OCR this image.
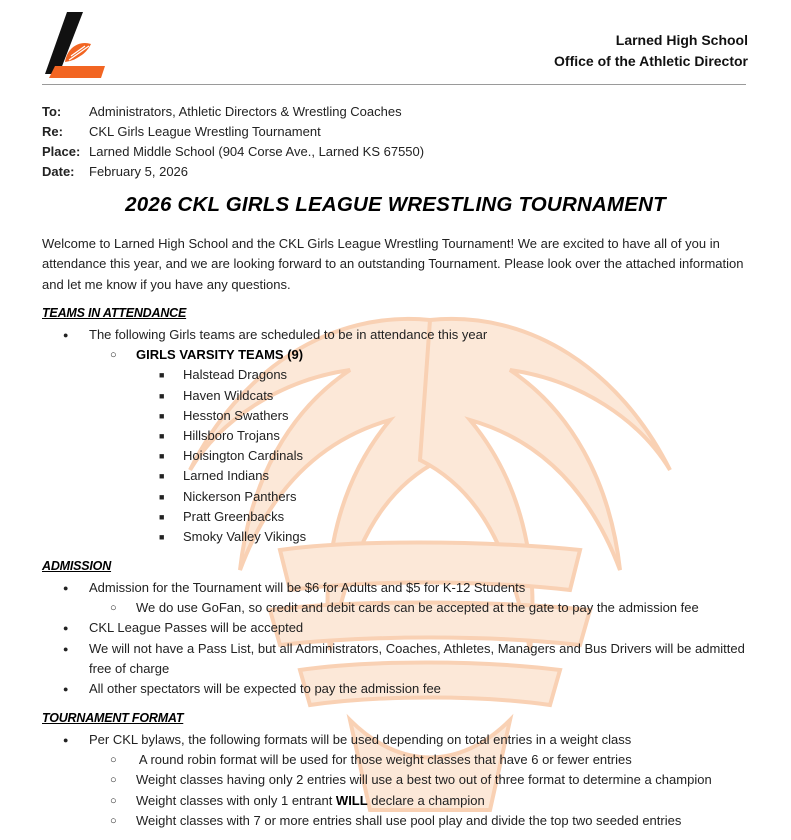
Larned High School
Office of the Athletic Director
To:	Administrators, Athletic Directors & Wrestling Coaches
Re:	CKL Girls League Wrestling Tournament
Place: Larned Middle School (904 Corse Ave., Larned KS 67550)
Date:	February 5, 2026
2026 CKL GIRLS LEAGUE WRESTLING TOURNAMENT
Welcome to Larned High School and the CKL Girls League Wrestling Tournament! We are excited to have all of you in attendance this year, and we are looking forward to an outstanding Tournament. Please look over the attached information and let me know if you have any questions.
TEAMS IN ATTENDANCE
● The following Girls teams are scheduled to be in attendance this year
○ GIRLS VARSITY TEAMS (9)
■ Halstead Dragons
■ Haven Wildcats
■ Hesston Swathers
■ Hillsboro Trojans
■ Hoisington Cardinals
■ Larned Indians
■ Nickerson Panthers
■ Pratt Greenbacks
■ Smoky Valley Vikings
ADMISSION
● Admission for the Tournament will be $6 for Adults and $5 for K-12 Students
○ We do use GoFan, so credit and debit cards can be accepted at the gate to pay the admission fee
● CKL League Passes will be accepted
● We will not have a Pass List, but all Administrators, Coaches, Athletes, Managers and Bus Drivers will be admitted
free of charge
● All other spectators will be expected to pay the admission fee
TOURNAMENT FORMAT
● Per CKL bylaws, the following formats will be used depending on total entries in a weight class
○  A round robin format will be used for those weight classes that have 6 or fewer entries
○ Weight classes having only 2 entries will use a best two out of three format to determine a champion
○ Weight classes with only 1 entrant WILL declare a champion
○ Weight classes with 7 or more entries shall use pool play and divide the top two seeded entries
